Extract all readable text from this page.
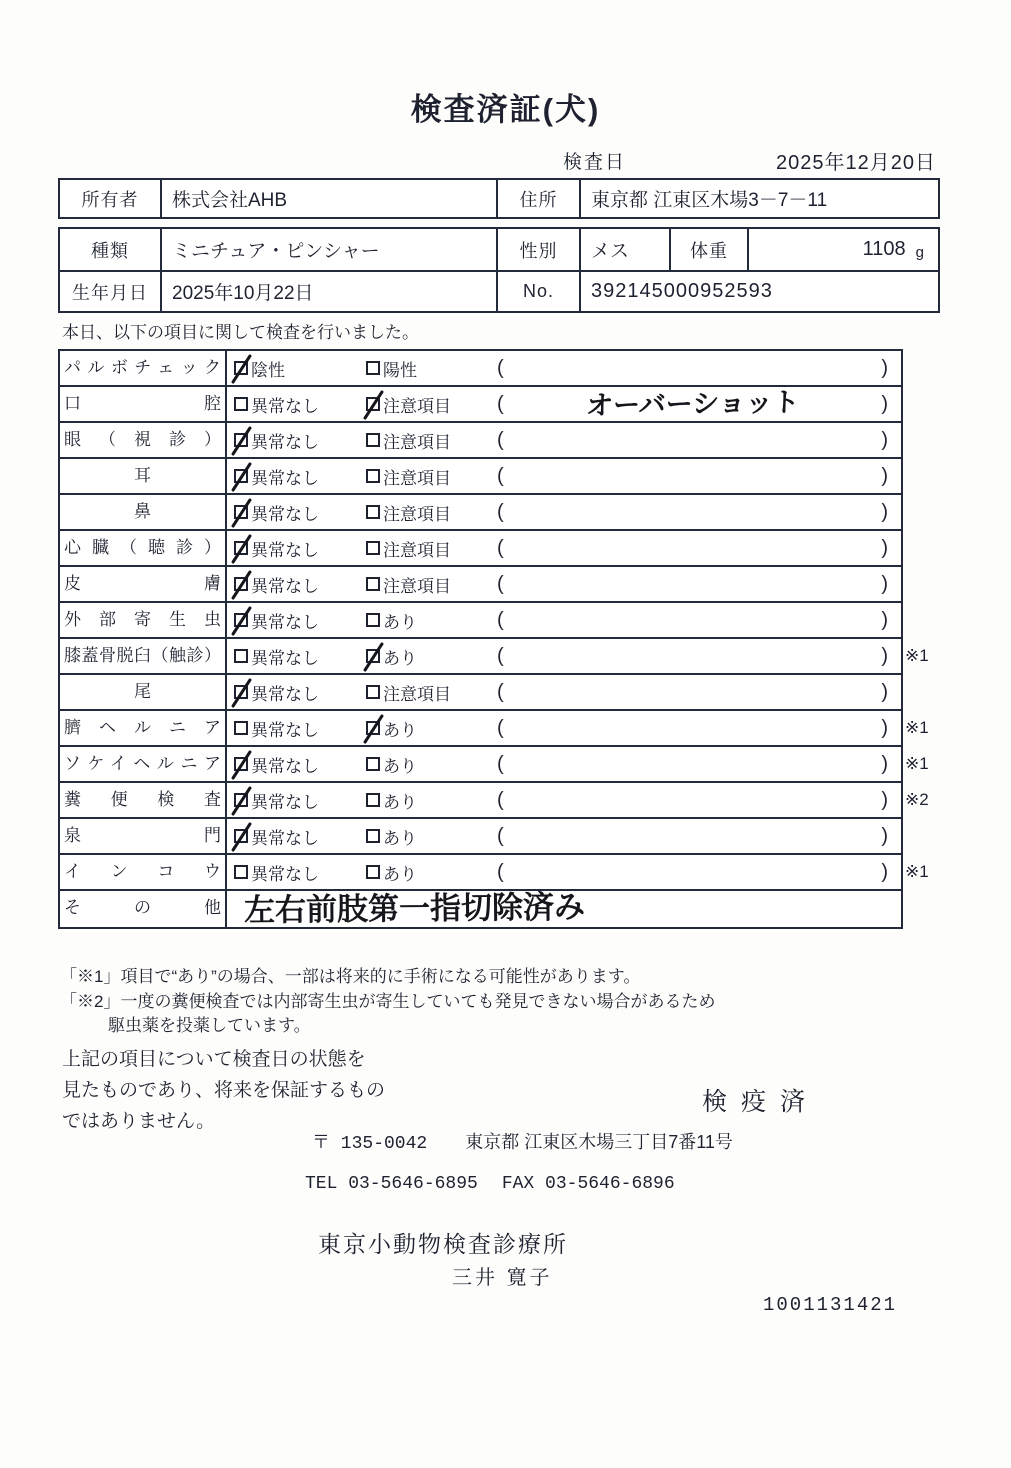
検査済証(犬)
検査日	2025年12月20日
所有者	株式会社AHB	住所	東京都 江東区木場3－7－11
種類	ミニチュア・ピンシャー	性別	メス	体重	1108 g
生年月日	2025年10月22日	No.	392145000952593
本日、以下の項目に関して検査を行いました。
パルボチェック	陰性	陽性	(	)
口腔	異常なし	注意項目 (	オーバーショット	)
眼（視診）	異常なし	注意項目 (	)
耳	異常なし	注意項目 (	)
鼻	異常なし	注意項目 (	)
心臓（聴診）	異常なし	注意項目 (	)
皮膚	異常なし	注意項目 (	)
外部寄生虫	異常なし	あり	(	)
膝蓋骨脱臼（触診）	異常なし	あり	(	) ※1
尾	異常なし	注意項目 (	)
臍ヘルニア	異常なし	あり	(	) ※1
ソケイヘルニア	異常なし	あり	(	) ※1
糞便検査	異常なし	あり	(	) ※2
泉門	異常なし	あり	(	)
インコウ	異常なし	あり	(	) ※1
その他 左右前肢第一指切除済み
「※1」項目で“あり”の場合、一部は将来的に手術になる可能性があります。
「※2」一度の糞便検査では内部寄生虫が寄生していても発見できない場合があるため
駆虫薬を投薬しています。
上記の項目について検査日の状態を
見たものであり、将来を保証するもの
ではありません。
検疫済
〒 135-0042 東京都 江東区木場三丁目7番11号
TEL 03-5646-6895 FAX 03-5646-6896
東京小動物検査診療所
三井 寛子
1001131421
